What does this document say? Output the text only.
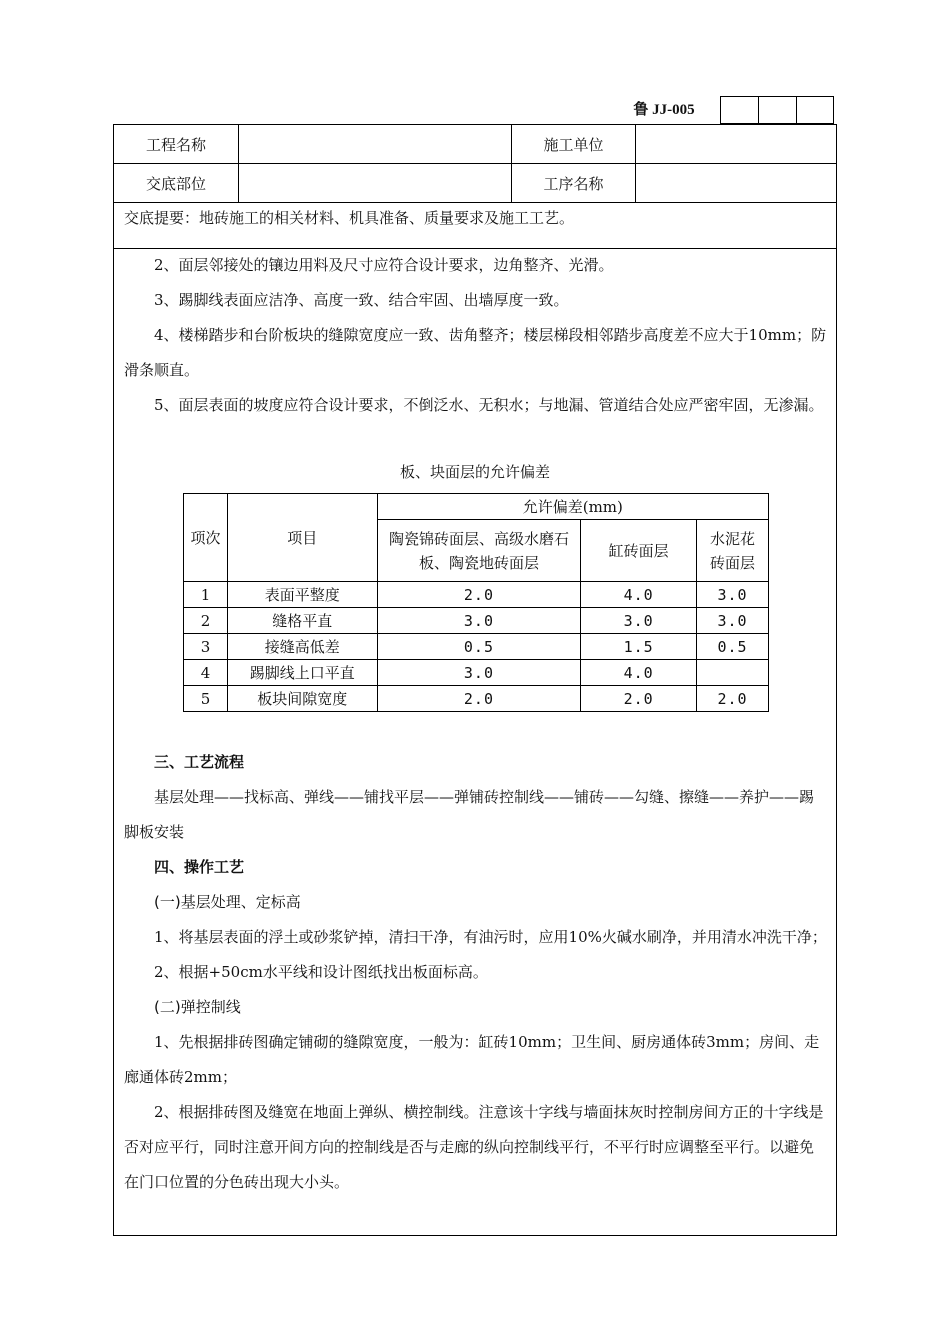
鲁 JJ-005
工程名称	施工单位
交底部位	工序名称
交底提要：地砖施工的相关材料、机具准备、质量要求及施工工艺。

2、面层邻接处的镶边用料及尺寸应符合设计要求，边角整齐、光滑。

3、踢脚线表面应洁净、高度一致、结合牢固、出墙厚度一致。

4、楼梯踏步和台阶板块的缝隙宽度应一致、齿角整齐；楼层梯段相邻踏步高度差不应大于10mm；防滑条顺直。

5、面层表面的坡度应符合设计要求，不倒泛水、无积水；与地漏、管道结合处应严密牢固，无渗漏。

板、块面层的允许偏差
项次	项目	允许偏差(mm)		
		陶瓷锦砖面层、高级水磨石板、陶瓷地砖面层	缸砖面层	水泥花砖面层
1	表面平整度	2.0	4.0	3.0
2	缝格平直	3.0	3.0	3.0
3	接缝高低差	0.5	1.5	0.5
4	踢脚线上口平直	3.0	4.0	
5	板块间隙宽度	2.0	2.0	2.0

三、工艺流程

基层处理——找标高、弹线——铺找平层——弹铺砖控制线——铺砖——勾缝、擦缝——养护——踢脚板安装

四、操作工艺

(一)基层处理、定标高

1、将基层表面的浮土或砂浆铲掉，清扫干净，有油污时，应用10%火碱水刷净，并用清水冲洗干净；

2、根据+50cm水平线和设计图纸找出板面标高。

(二)弹控制线

1、先根据排砖图确定铺砌的缝隙宽度，一般为：缸砖10mm；卫生间、厨房通体砖3mm；房间、走廊通体砖2mm；

2、根据排砖图及缝宽在地面上弹纵、横控制线。注意该十字线与墙面抹灰时控制房间方正的十字线是否对应平行，同时注意开间方向的控制线是否与走廊的纵向控制线平行，不平行时应调整至平行。以避免在门口位置的分色砖出现大小头。
